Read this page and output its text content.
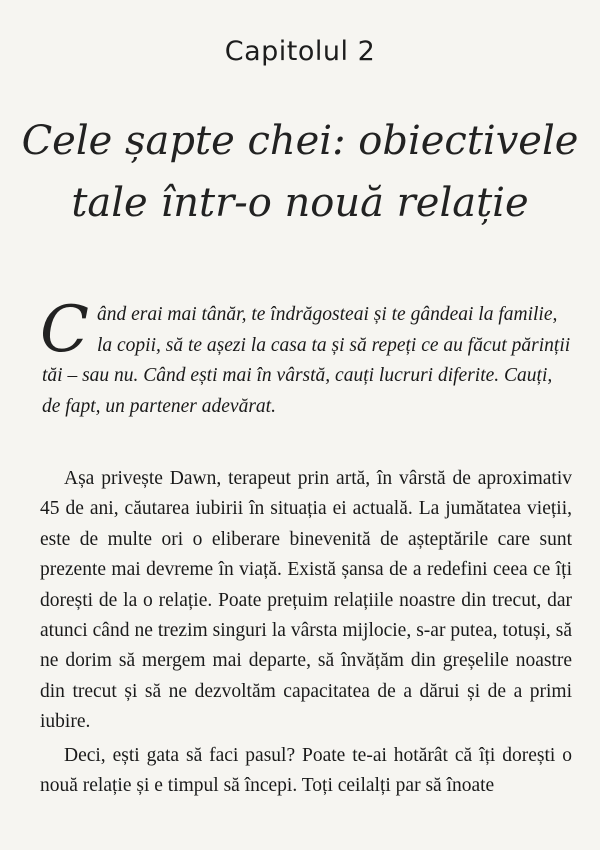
Capitolul 2
Cele șapte chei: obiectivele
tale într-o nouă relație
Când erai mai tânăr, te îndrăgosteai și te gândeai la familie, la copii, să te așezi la casa ta și să repeți ce au făcut părinții tăi – sau nu. Când ești mai în vârstă, cauți lucruri diferite. Cauți, de fapt, un partener adevărat.

Așa privește Dawn, terapeut prin artă, în vârstă de aproximativ 45 de ani, căutarea iubirii în situația ei actuală. La jumătatea vieții, este de multe ori o eliberare binevenită de așteptările care sunt prezente mai devreme în viață. Există șansa de a redefini ceea ce îți dorești de la o relație. Poate prețuim relațiile noastre din trecut, dar atunci când ne trezim singuri la vârsta mijlocie, s-ar putea, totuși, să ne dorim să mergem mai departe, să învățăm din greșelile noastre din trecut și să ne dezvoltăm capacitatea de a dărui și de a primi iubire.

Deci, ești gata să faci pasul? Poate te-ai hotărât că îți dorești o nouă relație și e timpul să începi. Toți ceilalți par să înoate
